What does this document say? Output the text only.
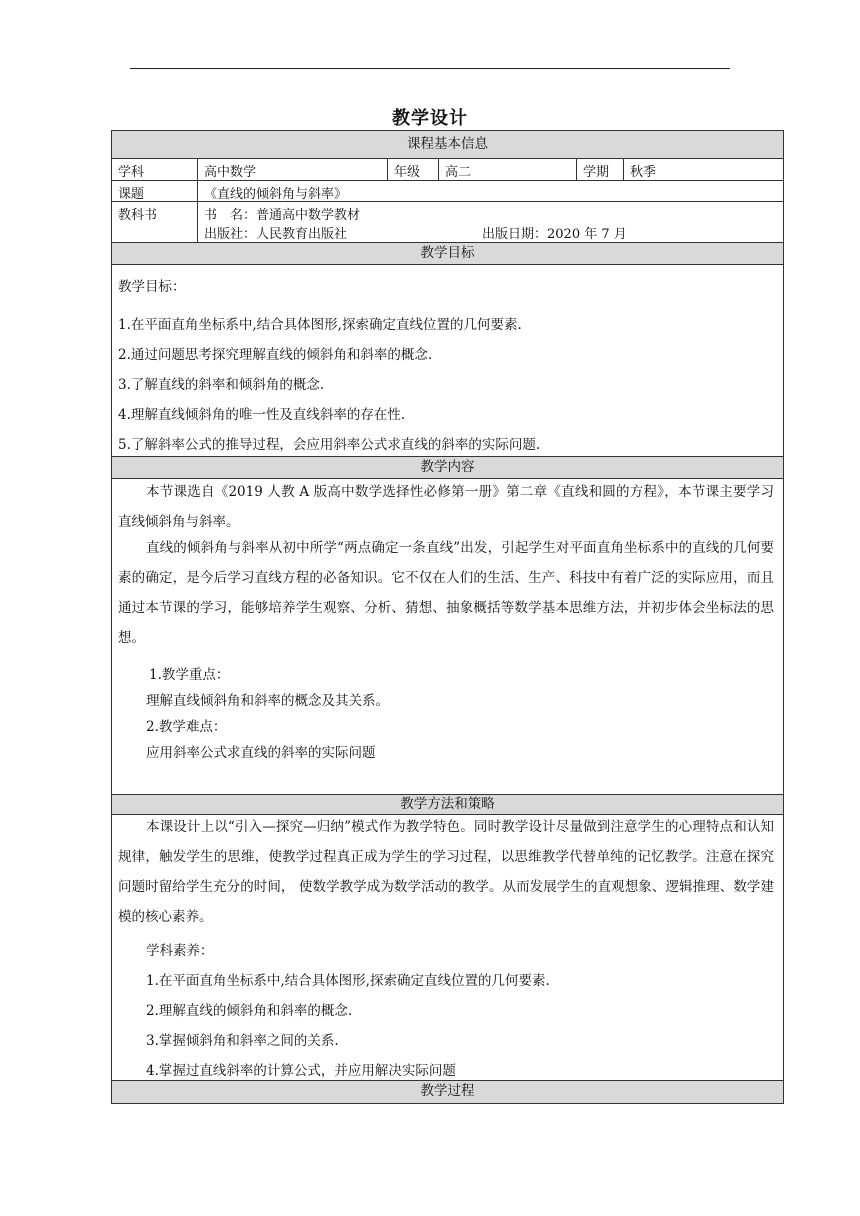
教学设计
课程基本信息
学科	高中数学	年级	高二	学期	秋季
课题	《直线的倾斜角与斜率》
教科书	书　名：普通高中数学教材
出版社：人民教育出版社	出版日期：2020 年 7 月
教学目标
教学目标：
1.在平面直角坐标系中,结合具体图形,探索确定直线位置的几何要素.
2.通过问题思考探究理解直线的倾斜角和斜率的概念.
3.了解直线的斜率和倾斜角的概念.
4.理解直线倾斜角的唯一性及直线斜率的存在性.
5.了解斜率公式的推导过程，会应用斜率公式求直线的斜率的实际问题.
教学内容
本节课选自《2019 人教 A 版高中数学选择性必修第一册》第二章《直线和圆的方程》，本节课主要学习直线倾斜角与斜率。
直线的倾斜角与斜率从初中所学“两点确定一条直线”出发，引起学生对平面直角坐标系中的直线的几何要素的确定，是今后学习直线方程的必备知识。它不仅在人们的生活、生产、科技中有着广泛的实际应用，而且通过本节课的学习，能够培养学生观察、分析、猜想、抽象概括等数学基本思维方法，并初步体会坐标法的思想。
1.教学重点：
理解直线倾斜角和斜率的概念及其关系。
2.教学难点：
应用斜率公式求直线的斜率的实际问题
教学方法和策略
本课设计上以“引入—探究—归纳”模式作为教学特色。同时教学设计尽量做到注意学生的心理特点和认知规律，触发学生的思维，使教学过程真正成为学生的学习过程，以思维教学代替单纯的记忆教学。注意在探究问题时留给学生充分的时间， 使数学教学成为数学活动的教学。从而发展学生的直观想象、逻辑推理、数学建模的核心素养。
学科素养：
1.在平面直角坐标系中,结合具体图形,探索确定直线位置的几何要素.
2.理解直线的倾斜角和斜率的概念.
3.掌握倾斜角和斜率之间的关系.
4.掌握过直线斜率的计算公式，并应用解决实际问题
教学过程
